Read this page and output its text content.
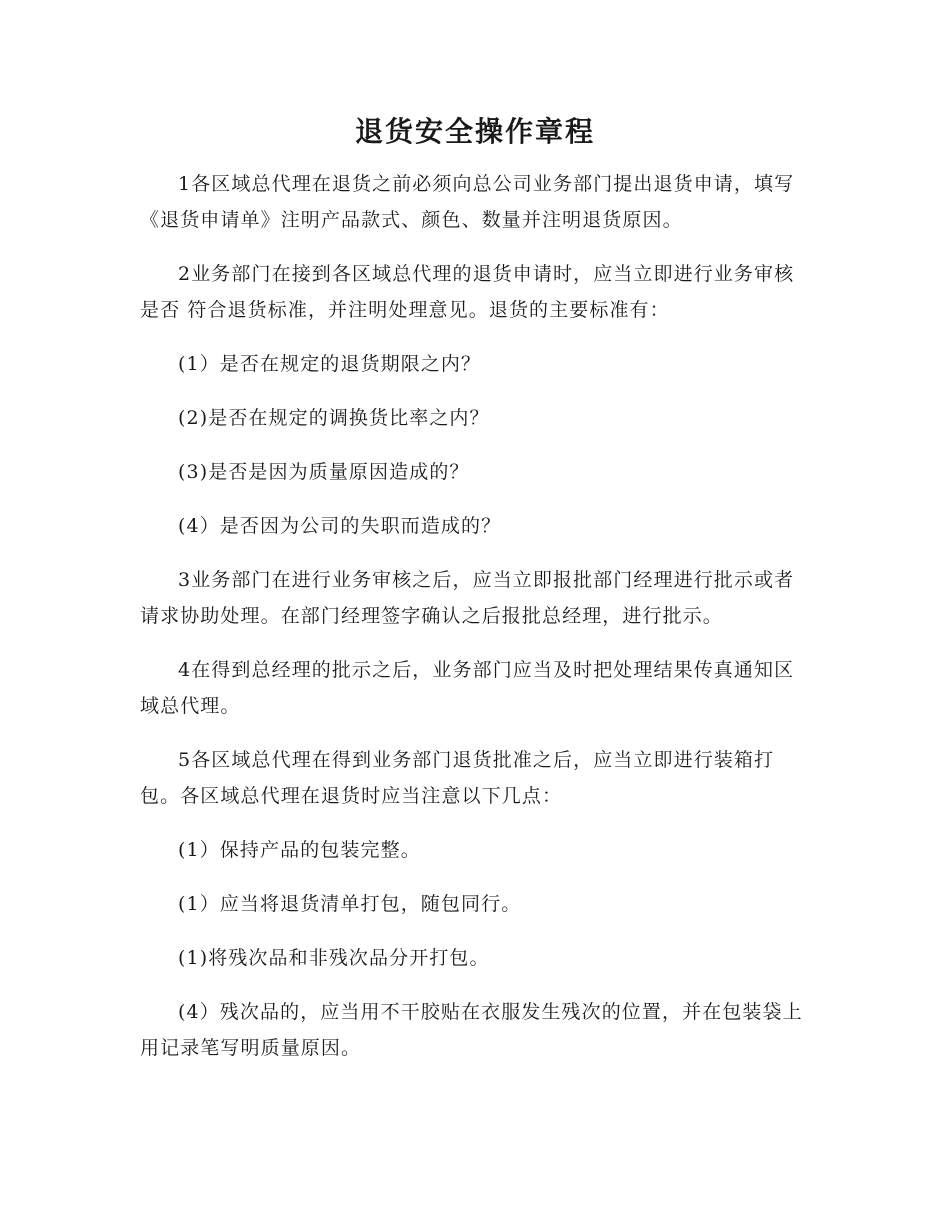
退货安全操作章程

1各区域总代理在退货之前必须向总公司业务部门提出退货申请，填写《退货申请单》注明产品款式、颜色、数量并注明退货原因。

2业务部门在接到各区域总代理的退货申请时，应当立即进行业务审核是否 符合退货标准，并注明处理意见。退货的主要标准有：

(1）是否在规定的退货期限之内？

(2)是否在规定的调换货比率之内？

(3)是否是因为质量原因造成的？

(4）是否因为公司的失职而造成的？

3业务部门在进行业务审核之后，应当立即报批部门经理进行批示或者请求协助处理。在部门经理签字确认之后报批总经理，进行批示。

4在得到总经理的批示之后，业务部门应当及时把处理结果传真通知区域总代理。

5各区域总代理在得到业务部门退货批准之后，应当立即进行装箱打包。各区域总代理在退货时应当注意以下几点：

(1）保持产品的包装完整。

(1）应当将退货清单打包，随包同行。

(1)将残次品和非残次品分开打包。

(4）残次品的，应当用不干胶贴在衣服发生残次的位置，并在包装袋上用记录笔写明质量原因。
